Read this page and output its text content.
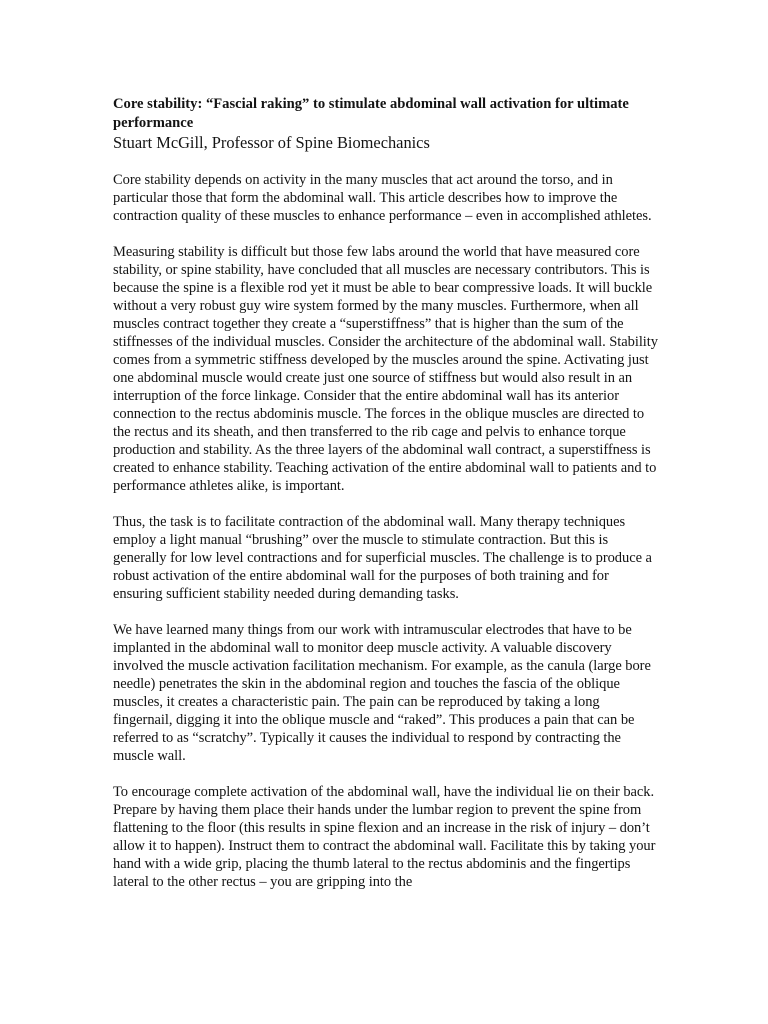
Core stability: “Fascial raking” to stimulate abdominal wall activation for ultimate performance
Stuart McGill, Professor of Spine Biomechanics

Core stability depends on activity in the many muscles that act around the torso, and in particular those that form the abdominal wall. This article describes how to improve the contraction quality of these muscles to enhance performance – even in accomplished athletes.

Measuring stability is difficult but those few labs around the world that have measured core stability, or spine stability, have concluded that all muscles are necessary contributors. This is because the spine is a flexible rod yet it must be able to bear compressive loads. It will buckle without a very robust guy wire system formed by the many muscles. Furthermore, when all muscles contract together they create a “superstiffness” that is higher than the sum of the stiffnesses of the individual muscles. Consider the architecture of the abdominal wall. Stability comes from a symmetric stiffness developed by the muscles around the spine. Activating just one abdominal muscle would create just one source of stiffness but would also result in an interruption of the force linkage. Consider that the entire abdominal wall has its anterior connection to the rectus abdominis muscle. The forces in the oblique muscles are directed to the rectus and its sheath, and then transferred to the rib cage and pelvis to enhance torque production and stability. As the three layers of the abdominal wall contract, a superstiffness is created to enhance stability. Teaching activation of the entire abdominal wall to patients and to performance athletes alike, is important.

Thus, the task is to facilitate contraction of the abdominal wall. Many therapy techniques employ a light manual “brushing” over the muscle to stimulate contraction. But this is generally for low level contractions and for superficial muscles. The challenge is to produce a robust activation of the entire abdominal wall for the purposes of both training and for ensuring sufficient stability needed during demanding tasks.

We have learned many things from our work with intramuscular electrodes that have to be implanted in the abdominal wall to monitor deep muscle activity. A valuable discovery involved the muscle activation facilitation mechanism. For example, as the canula (large bore needle) penetrates the skin in the abdominal region and touches the fascia of the oblique muscles, it creates a characteristic pain. The pain can be reproduced by taking a long fingernail, digging it into the oblique muscle and “raked”. This produces a pain that can be referred to as “scratchy”. Typically it causes the individual to respond by contracting the muscle wall.

To encourage complete activation of the abdominal wall, have the individual lie on their back. Prepare by having them place their hands under the lumbar region to prevent the spine from flattening to the floor (this results in spine flexion and an increase in the risk of injury – don’t allow it to happen). Instruct them to contract the abdominal wall. Facilitate this by taking your hand with a wide grip, placing the thumb lateral to the rectus abdominis and the fingertips lateral to the other rectus – you are gripping into the
